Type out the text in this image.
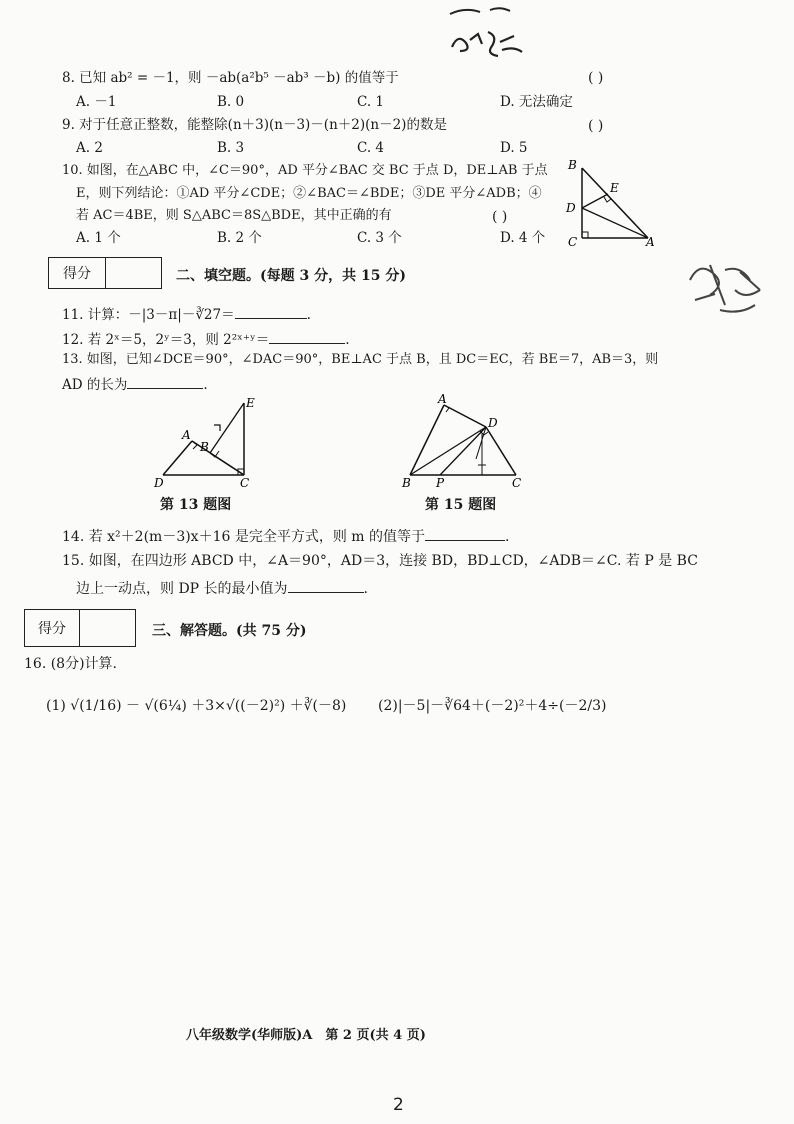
8. 已知 ab² = －1，则 －ab(a²b⁵ －ab³ －b) 的值等于	( )
A. －1	B. 0	C. 1	D. 无法确定
9. 对于任意正整数，能整除(n＋3)(n－3)－(n＋2)(n－2)的数是	( )
A. 2	B. 3	C. 4	D. 5
10. 如图，在△ABC 中，∠C＝90°，AD 平分∠BAC 交 BC 于点 D，DE⊥AB 于点
E，则下列结论：①AD 平分∠CDE；②∠BAC＝∠BDE；③DE 平分∠ADB；④
若 AC＝4BE，则 S△ABC＝8S△BDE，其中正确的有	( )
A. 1 个	B. 2 个	C. 3 个	D. 4 个
B
E
D
C	A
得分	二、填空题。(每题 3 分，共 15 分)
11. 计算：－|3－π|－∛27＝	.
12. 若 2ˣ＝5，2ʸ＝3，则 2²ˣ⁺ʸ＝	.
13. 如图，已知∠DCE＝90°，∠DAC＝90°，BE⊥AC 于点 B，且 DC＝EC，若 BE＝7，AB＝3，则
AD 的长为	.
E
A
B
D	C
第 13 题图
A
D
B P	C
第 15 题图
14. 若 x²＋2(m－3)x＋16 是完全平方式，则 m 的值等于	.
15. 如图，在四边形 ABCD 中，∠A＝90°，AD＝3，连接 BD，BD⊥CD，∠ADB＝∠C. 若 P 是 BC
边上一动点，则 DP 长的最小值为	.
得分	三、解答题。(共 75 分)
16. (8分)计算.
(1) √(1/16) － √(6¼) ＋3×√((－2)²) ＋∛(－8) (2)|－5|－∛64＋(－2)²＋4÷(－2/3)
八年级数学(华师版)A　第 2 页(共 4 页)
2
